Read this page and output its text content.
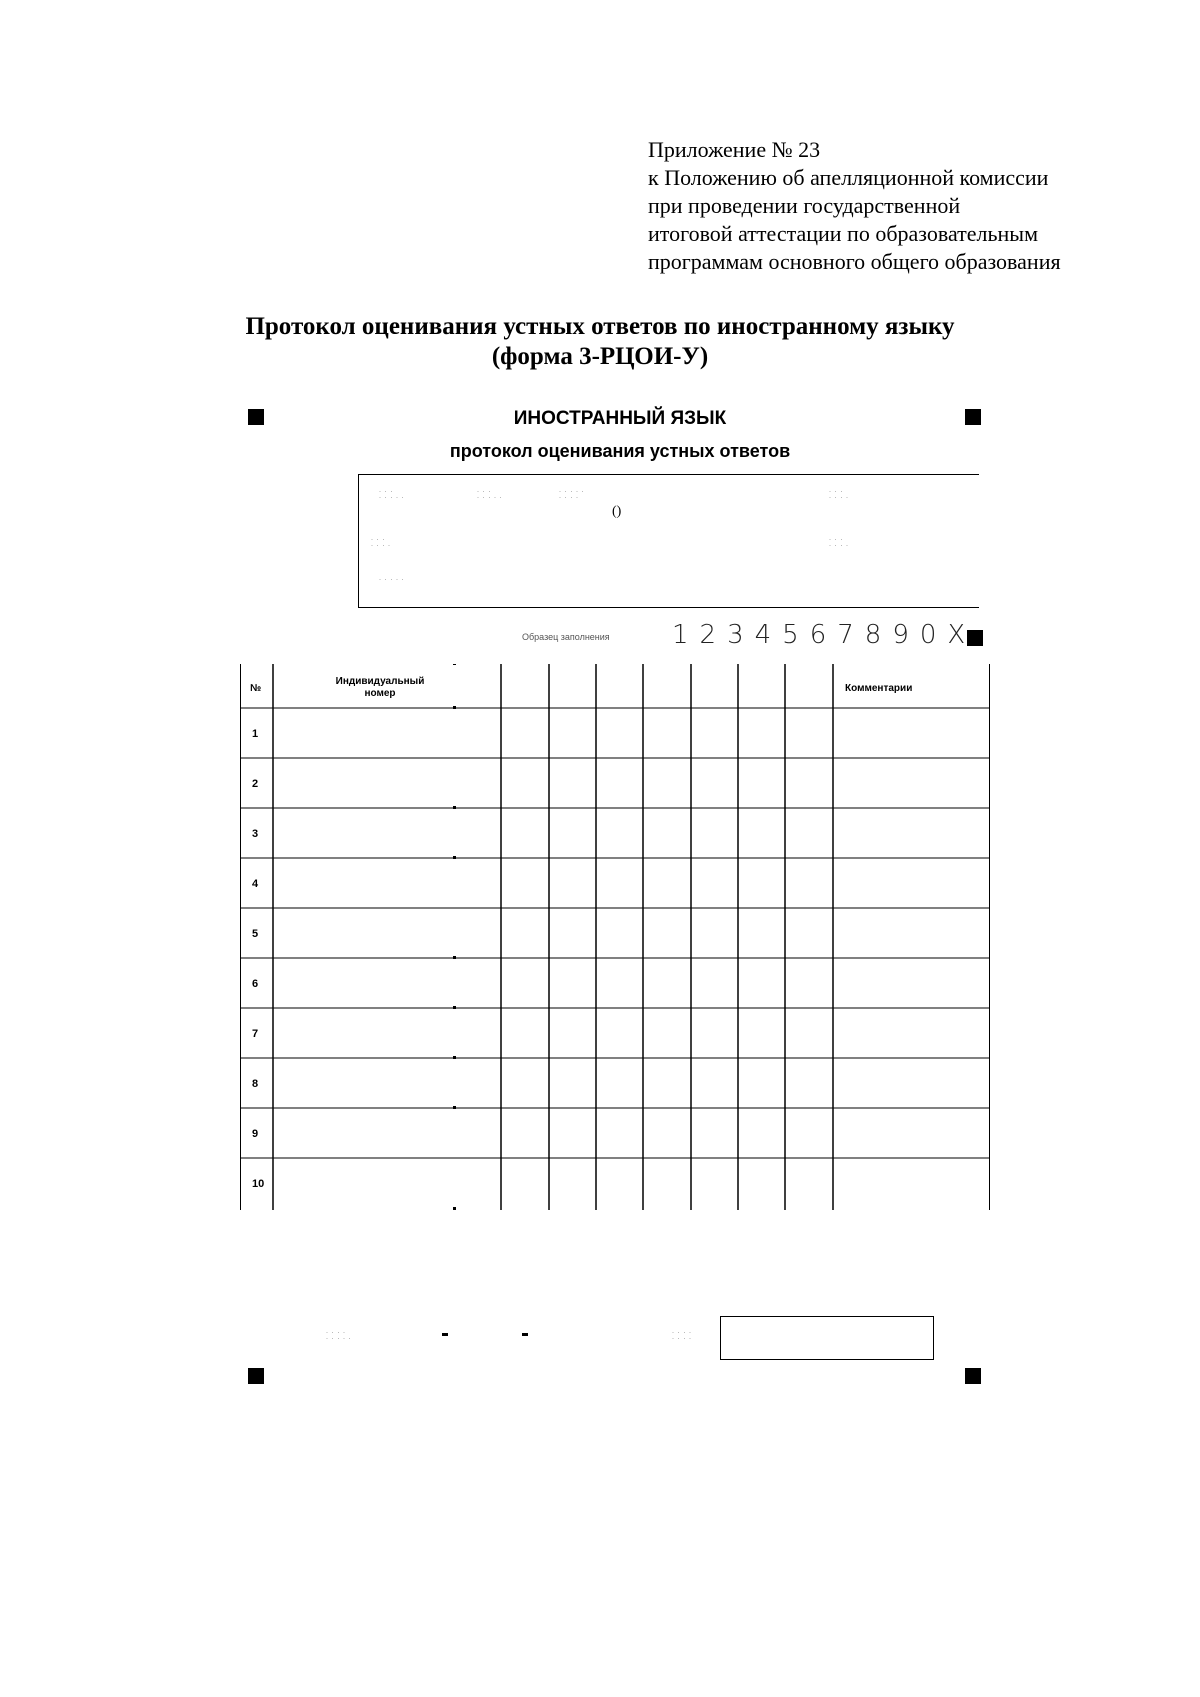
Приложение № 23
к Положению об апелляционной комиссии
при проведении государственной
итоговой аттестации по образовательным
программам основного общего образования
Протокол оценивания устных ответов по иностранному языку
(форма 3-РЦОИ-У)
ИНОСТРАННЫЙ ЯЗЫК
протокол оценивания устных ответов
· · ·
· · · · ·
· · ·
· · · · ·
· · · · ·
· · · ·
· · ·
· · · ·
· · ·
· · · ·
· · ·
· · · ·
· · · · ·
()
Образец заполнения 1234567890X
№
Индивидуальный
номер	Комментарии
1
2
3
4
5
6
7
8
9
10
· · · ·
· · · · ·
· · · ·
· · · ·
